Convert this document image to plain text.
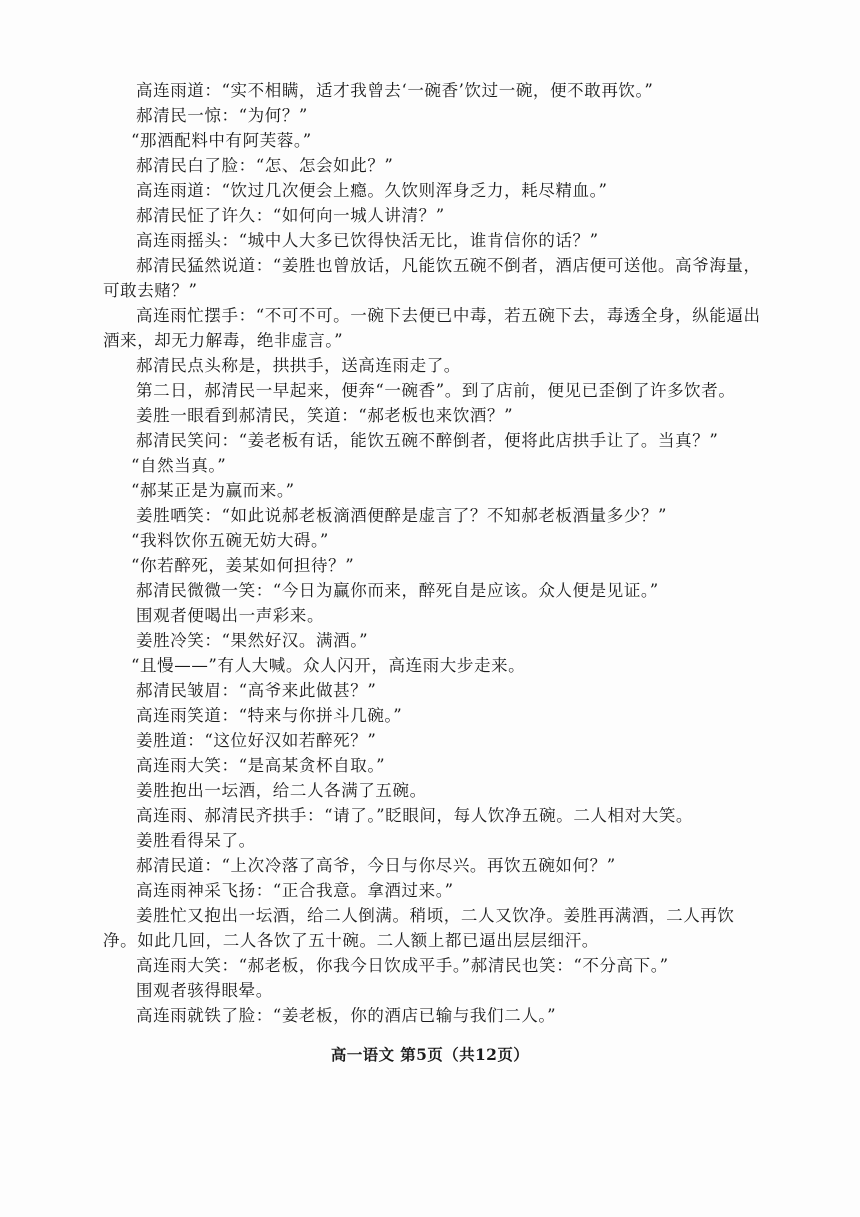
高连雨道：“实不相瞒，适才我曾去‘一碗香’饮过一碗，便不敢再饮。”

郝清民一惊：“为何？”

“那酒配料中有阿芙蓉。”

郝清民白了脸：“怎、怎会如此？”

高连雨道：“饮过几次便会上瘾。久饮则浑身乏力，耗尽精血。”

郝清民怔了许久：“如何向一城人讲清？”

高连雨摇头：“城中人大多已饮得快活无比，谁肯信你的话？”

郝清民猛然说道：“姜胜也曾放话，凡能饮五碗不倒者，酒店便可送他。高爷海量，可敢去赌？”

高连雨忙摆手：“不可不可。一碗下去便已中毒，若五碗下去，毒透全身，纵能逼出酒来，却无力解毒，绝非虚言。”

郝清民点头称是，拱拱手，送高连雨走了。

第二日，郝清民一早起来，便奔“一碗香”。到了店前，便见已歪倒了许多饮者。

姜胜一眼看到郝清民，笑道：“郝老板也来饮酒？”

郝清民笑问：“姜老板有话，能饮五碗不醉倒者，便将此店拱手让了。当真？”

“自然当真。”

“郝某正是为赢而来。”

姜胜哂笑：“如此说郝老板滴酒便醉是虚言了？不知郝老板酒量多少？”

“我料饮你五碗无妨大碍。”

“你若醉死，姜某如何担待？”

郝清民微微一笑：“今日为赢你而来，醉死自是应该。众人便是见证。”

围观者便喝出一声彩来。

姜胜冷笑：“果然好汉。满酒。”

“且慢——”有人大喊。众人闪开，高连雨大步走来。

郝清民皱眉：“高爷来此做甚？”

高连雨笑道：“特来与你拼斗几碗。”

姜胜道：“这位好汉如若醉死？”

高连雨大笑：“是高某贪杯自取。”

姜胜抱出一坛酒，给二人各满了五碗。

高连雨、郝清民齐拱手：“请了。”眨眼间，每人饮净五碗。二人相对大笑。

姜胜看得呆了。

郝清民道：“上次冷落了高爷，今日与你尽兴。再饮五碗如何？”

高连雨神采飞扬：“正合我意。拿酒过来。”

姜胜忙又抱出一坛酒，给二人倒满。稍顷，二人又饮净。姜胜再满酒，二人再饮净。如此几回，二人各饮了五十碗。二人额上都已逼出层层细汗。

高连雨大笑：“郝老板，你我今日饮成平手。”郝清民也笑：“不分高下。”

围观者骇得眼晕。

高连雨就铁了脸：“姜老板，你的酒店已输与我们二人。”

高一语文 第5页（共12页）
